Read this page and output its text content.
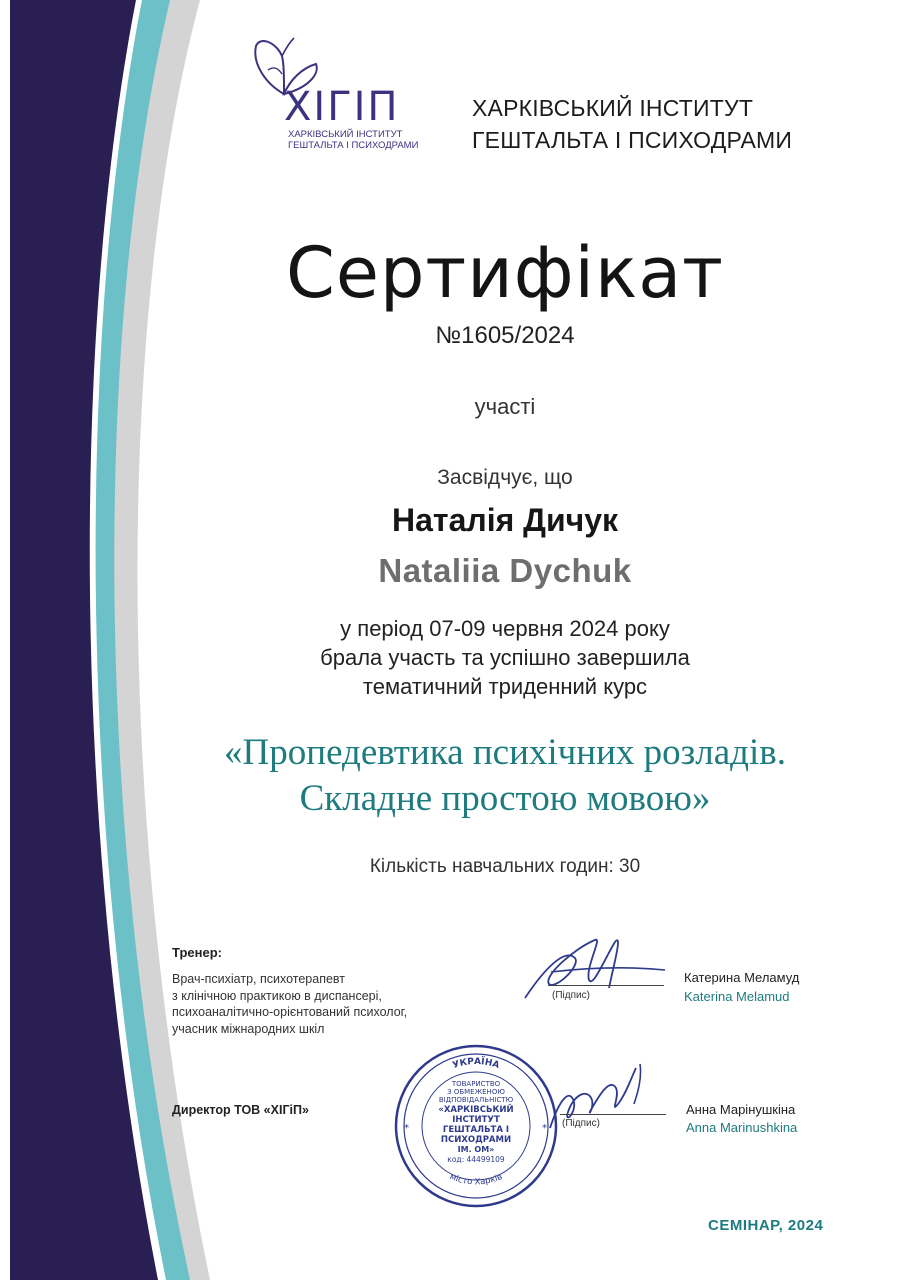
ХІГІП
ХАРКІВСЬКИЙ ІНСТИТУТ
ГЕШТАЛЬТА І ПСИХОДРАМИ
ХАРКІВСЬКИЙ ІНСТИТУТ
ГЕШТАЛЬТА І ПСИХОДРАМИ
Сертифікат
№1605/2024
участі
Засвідчує, що
Наталія Дичук
Nataliia Dychuk
у період 07-09 червня 2024 року
брала участь та успішно завершила
тематичний триденний курс
«Пропедевтика психічних розладів.
Складне простою мовою»
Кількість навчальних годин: 30
Тренер:
Врач-психіатр, психотерапевт
з клінічною практикою в диспансері,
психоаналітично-орієнтований психолог,
учасник міжнародних шкіл
(Підпис)
Катерина Меламуд
Katerina Melamud
Директор ТОВ «ХІГіП»
УКРАЇНА
місто Харків
*	*
ТОВАРИСТВО
З ОБМЕЖЕНОЮ
ВІДПОВІДАЛЬНІСТЮ
«ХАРКІВСЬКИЙ
ІНСТИТУТ
ГЕШТАЛЬТА І
ПСИХОДРАМИ
ІМ. ОМ»
код: 44499109
(Підпис)
Анна Марінушкіна
Anna Marinushkina
СЕМІНАР, 2024
